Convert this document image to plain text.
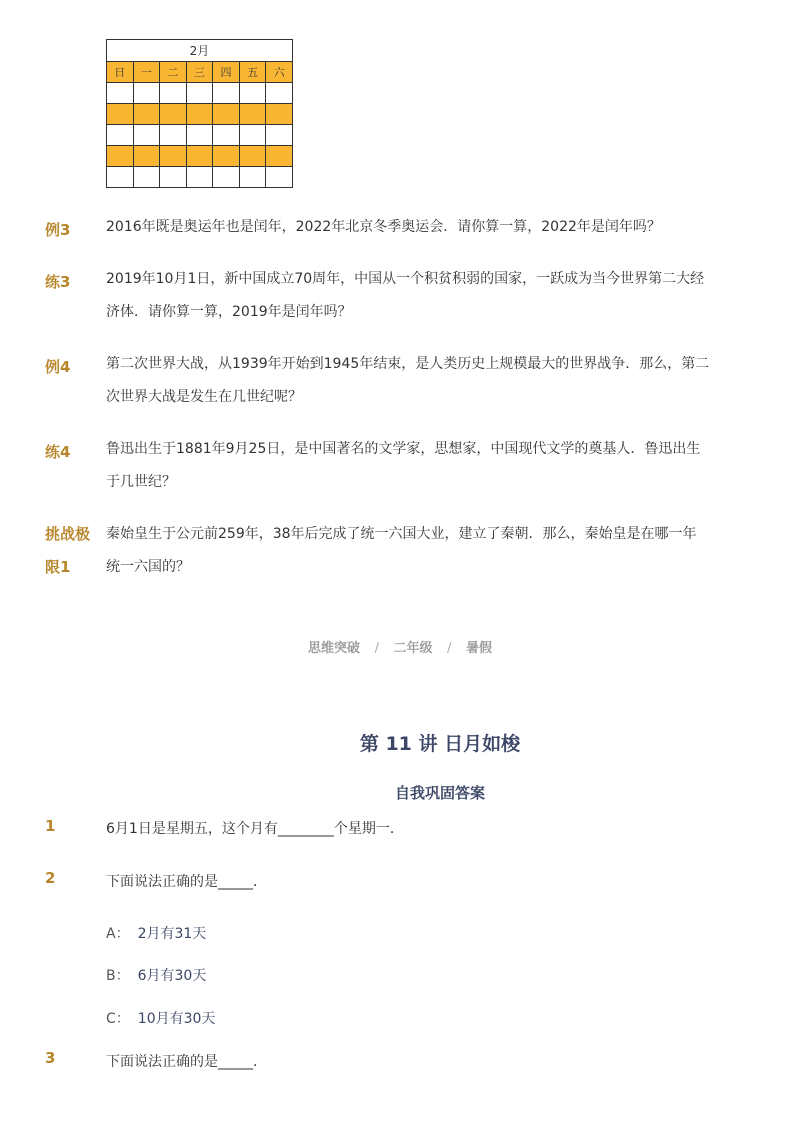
2月						
日	一	二	三	四	五	六

例3	2016年既是奥运年也是闰年，2022年北京冬季奥运会．请你算一算，2022年是闰年吗？
练3	2019年10月1日，新中国成立70周年，中国从一个积贫积弱的国家，一跃成为当今世界第二大经
济体．请你算一算，2019年是闰年吗？
例4	第二次世界大战，从1939年开始到1945年结束，是人类历史上规模最大的世界战争．那么，第二
次世界大战是发生在几世纪呢？
练4	鲁迅出生于1881年9月25日，是中国著名的文学家，思想家，中国现代文学的奠基人．鲁迅出生
于几世纪？
挑战极
限1
秦始皇生于公元前259年，38年后完成了统一六国大业，建立了秦朝．那么，秦始皇是在哪一年
统一六国的？
思维突破 / 二年级 / 暑假
第 11 讲 日月如梭
自我巩固答案
1	6月1日是星期五，这个月有________个星期一．
2	下面说法正确的是_____．
A： 2月有31天
B： 6月有30天
C： 10月有30天
3	下面说法正确的是_____．
